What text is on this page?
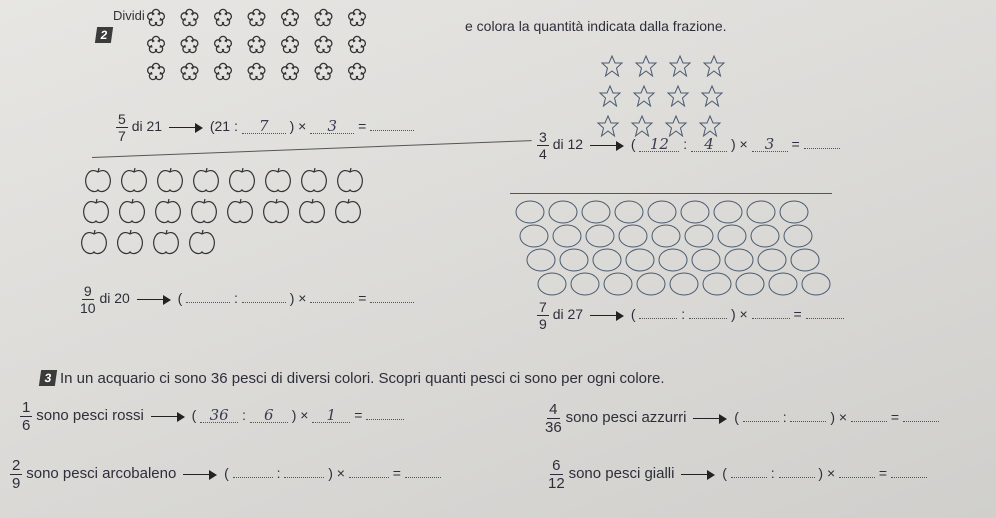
2
Dividi
e colora la quantità indicata dalla frazione.
$\frac{5}{7}$ di 21	(21 : 7 ) × 3 =
$\frac{3}{4}$ di 12	( 12 : 4 ) × 3 =
$\frac{9}{10}$ di 20	(	:	) ×	=
$\frac{7}{9}$ di 27	(	:	) ×	=
3 In un acquario ci sono 36 pesci di diversi colori. Scopri quanti pesci ci sono per ogni colore.
$\frac{1}{6}$ sono pesci rossi	( 36 : 6 ) × 1 =	$\frac{4}{36}$ sono pesci azzurri	(	:	) ×	=
$\frac{2}{9}$ sono pesci arcobaleno	(	:	) ×	=	$\frac{6}{12}$ sono pesci gialli	(	:	) ×	=
